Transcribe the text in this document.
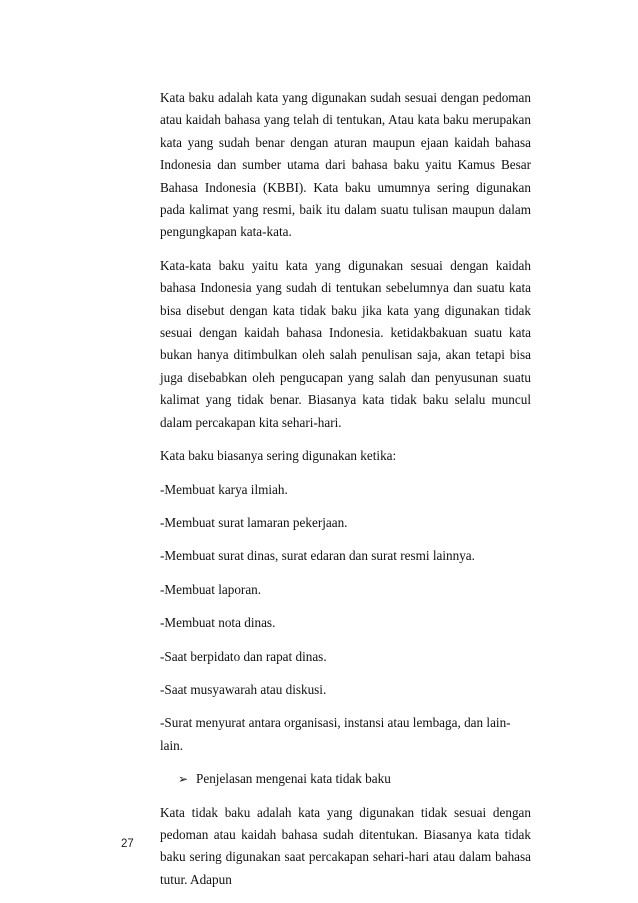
Kata baku adalah kata yang digunakan sudah sesuai dengan pedoman atau kaidah bahasa yang telah di tentukan, Atau kata baku merupakan kata yang sudah benar dengan aturan maupun ejaan kaidah bahasa Indonesia dan sumber utama dari bahasa baku yaitu Kamus Besar Bahasa Indonesia (KBBI). Kata baku umumnya sering digunakan pada kalimat yang resmi, baik itu dalam suatu tulisan maupun dalam pengungkapan kata-kata.

Kata-kata baku yaitu kata yang digunakan sesuai dengan kaidah bahasa Indonesia yang sudah di tentukan sebelumnya dan suatu kata bisa disebut dengan kata tidak baku jika kata yang digunakan tidak sesuai dengan kaidah bahasa Indonesia. ketidakbakuan suatu kata bukan hanya ditimbulkan oleh salah penulisan saja, akan tetapi bisa juga disebabkan oleh pengucapan yang salah dan penyusunan suatu kalimat yang tidak benar. Biasanya kata tidak baku selalu muncul dalam percakapan kita sehari-hari.

Kata baku biasanya sering digunakan ketika:

-Membuat karya ilmiah.

-Membuat surat lamaran pekerjaan.

-Membuat surat dinas, surat edaran dan surat resmi lainnya.

-Membuat laporan.

-Membuat nota dinas.

-Saat berpidato dan rapat dinas.

-Saat musyawarah atau diskusi.

-Surat menyurat antara organisasi, instansi atau lembaga, dan lain-lain.

➢ Penjelasan mengenai kata tidak baku

Kata tidak baku adalah kata yang digunakan tidak sesuai dengan pedoman atau kaidah bahasa sudah ditentukan. Biasanya kata tidak baku sering digunakan saat percakapan sehari-hari atau dalam bahasa tutur. Adapun

27
